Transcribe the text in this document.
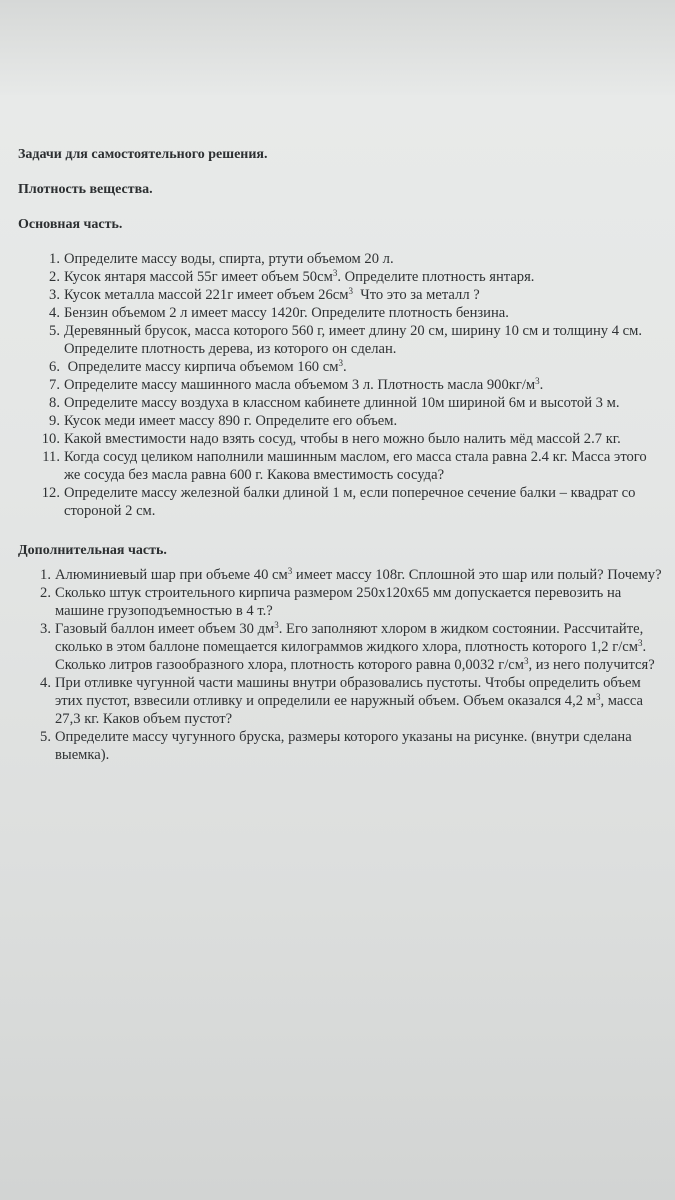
Задачи для самостоятельного решения.

Плотность вещества.

Основная часть.

1. Определите массу воды, спирта, ртути объемом 20 л.
2. Кусок янтаря массой 55г имеет объем $50см^3$. Определите плотность янтаря.
3. Кусок металла массой 221г имеет объем $26см^3$  Что это за металл ?
4. Бензин объемом 2 л имеет массу 1420г. Определите плотность бензина.
5. Деревянный брусок, масса которого 560 г, имеет длину 20 см, ширину 10 см и толщину 4 см. Определите плотность дерева, из которого он сделан.
6. Определите массу кирпича объемом 160 $см^3$.
7. Определите массу машинного масла объемом 3 л. Плотность масла $900кг/м^3$.
8. Определите массу воздуха в классном кабинете длинной 10м шириной 6м и высотой 3 м.
9. Кусок меди имеет массу 890 г. Определите его объем.
10. Какой вместимости надо взять сосуд, чтобы в него можно было налить мёд массой 2.7 кг.
11. Когда сосуд целиком наполнили машинным маслом, его масса стала равна 2.4 кг. Масса этого же сосуда без масла равна 600 г. Какова вместимость сосуда?
12. Определите массу железной балки длиной 1 м, если поперечное сечение балки – квадрат со стороной 2 см.

Дополнительная часть.

1. Алюминиевый шар при объеме 40 $см^3$ имеет массу 108г. Сплошной это шар или полый? Почему?
2. Сколько штук строительного кирпича размером 250х120х65 мм допускается перевозить на машине грузоподъемностью в 4 т.?
3. Газовый баллон имеет объем 30 $дм^3$. Его заполняют хлором в жидком состоянии. Рассчитайте, сколько в этом баллоне помещается килограммов жидкого хлора, плотность которого 1,2 $г/см^3$. Сколько литров газообразного хлора, плотность которого равна 0,0032 $г/см^3$, из него получится?
4. При отливке чугунной части машины внутри образовались пустоты. Чтобы определить объем этих пустот, взвесили отливку и определили ее наружный объем. Объем оказался 4,2 $м^3$, масса 27,3 кг. Каков объем пустот?
5. Определите массу чугунного бруска, размеры которого указаны на рисунке. (внутри сделана выемка).
